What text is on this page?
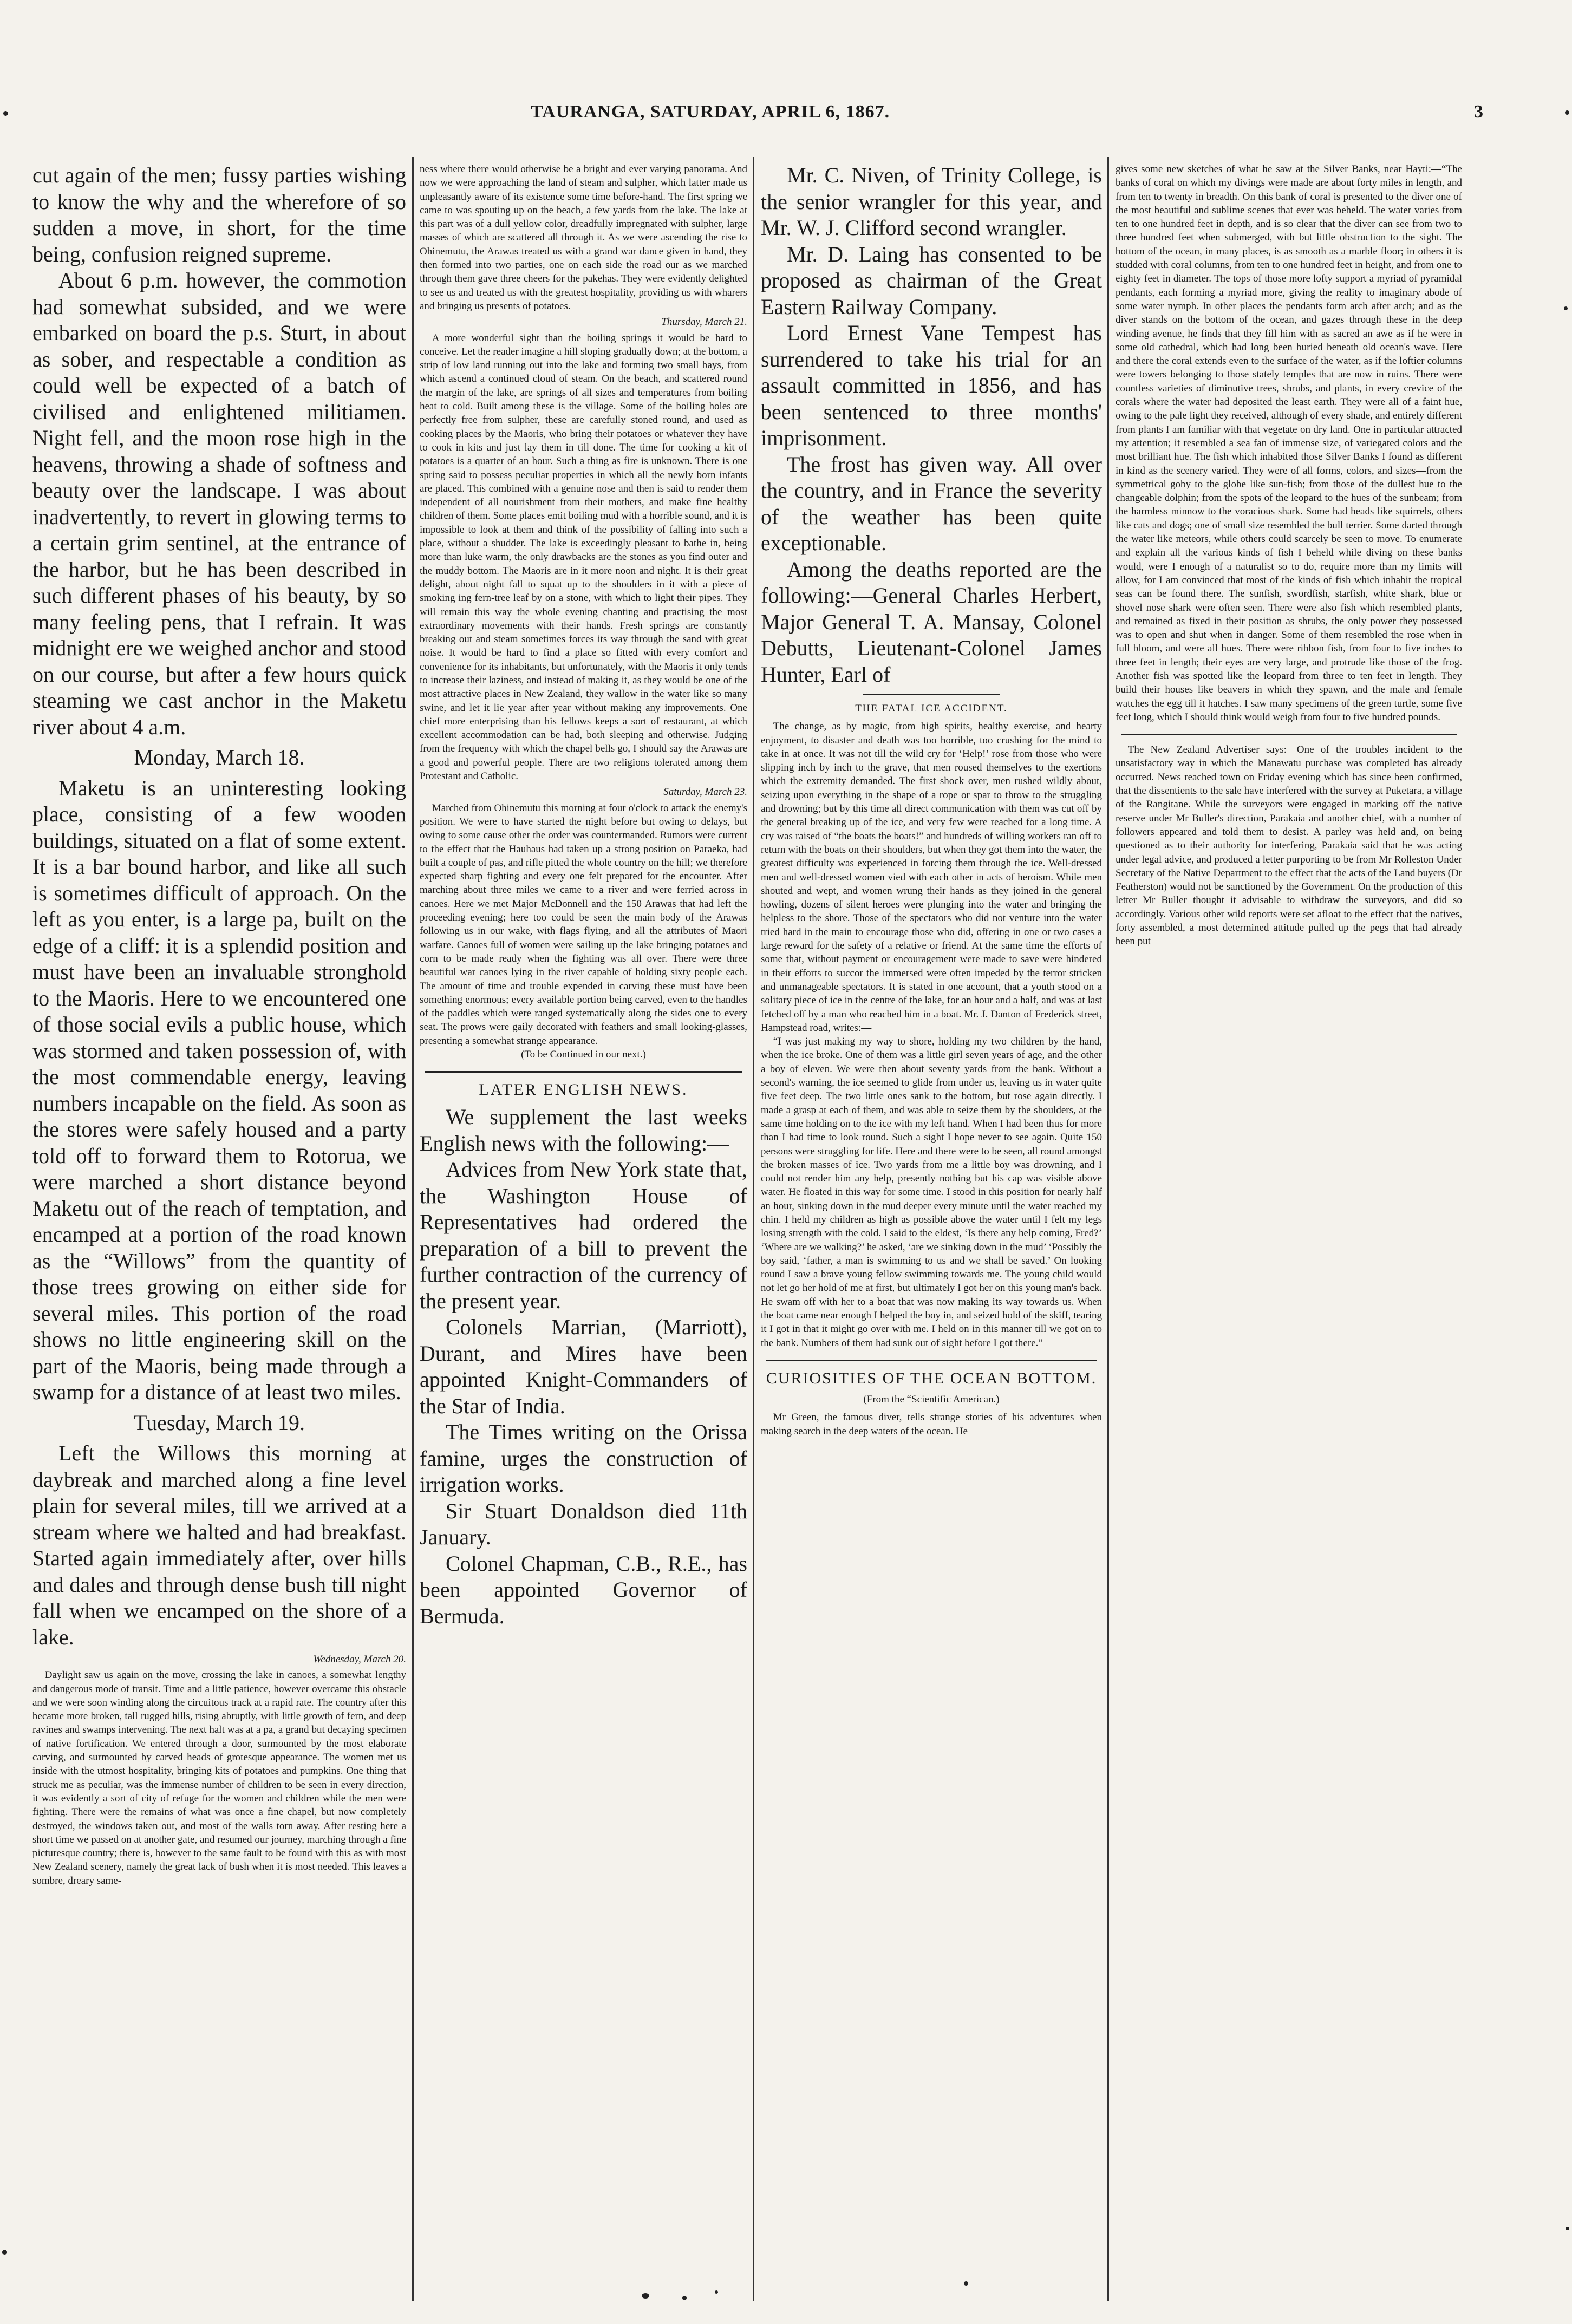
TAURANGA, SATURDAY, APRIL 6, 1867.	3

cut again of the men; fussy parties wishing to know the why and the wherefore of so sudden a move, in short, for the time being, confusion reigned supreme.

About 6 p.m. however, the commotion had somewhat subsided, and we were embarked on board the p.s. Sturt, in about as sober, and respectable a condition as could well be expected of a batch of civilised and enlightened militiamen. Night fell, and the moon rose high in the heavens, throwing a shade of softness and beauty over the landscape. I was about inadvertently, to revert in glowing terms to a certain grim sentinel, at the entrance of the harbor, but he has been described in such different phases of his beauty, by so many feeling pens, that I refrain. It was midnight ere we weighed anchor and stood on our course, but after a few hours quick steaming we cast anchor in the Maketu river about 4 a.m.

Monday, March 18.

Maketu is an uninteresting looking place, consisting of a few wooden buildings, situated on a flat of some extent. It is a bar bound harbor, and like all such is sometimes difficult of approach. On the left as you enter, is a large pa, built on the edge of a cliff: it is a splendid position and must have been an invaluable stronghold to the Maoris. Here to we encountered one of those social evils a public house, which was stormed and taken possession of, with the most commendable energy, leaving numbers incapable on the field. As soon as the stores were safely housed and a party told off to forward them to Rotorua, we were marched a short distance beyond Maketu out of the reach of temptation, and encamped at a portion of the road known as the “Willows” from the quantity of those trees growing on either side for several miles. This portion of the road shows no little engineering skill on the part of the Maoris, being made through a swamp for a distance of at least two miles.

Tuesday, March 19.

Left the Willows this morning at daybreak and marched along a fine level plain for several miles, till we arrived at a stream where we halted and had breakfast. Started again immediately after, over hills and dales and through dense bush till night fall when we encamped on the shore of a lake.

Wednesday, March 20.

Daylight saw us again on the move, crossing the lake in canoes, a somewhat lengthy and dangerous mode of transit. Time and a little patience, however overcame this obstacle and we were soon winding along the circuitous track at a rapid rate. The country after this became more broken, tall rugged hills, rising abruptly, with little growth of fern, and deep ravines and swamps intervening. The next halt was at a pa, a grand but decaying specimen of native fortification. We entered through a door, surmounted by the most elaborate carving, and surmounted by carved heads of grotesque appearance. The women met us inside with the utmost hospitality, bringing kits of potatoes and pumpkins. One thing that struck me as peculiar, was the immense number of children to be seen in every direction, it was evidently a sort of city of refuge for the women and children while the men were fighting. There were the remains of what was once a fine chapel, but now completely destroyed, the windows taken out, and most of the walls torn away. After resting here a short time we passed on at another gate, and resumed our journey, marching through a fine picturesque country; there is, however to the same fault to be found with this as with most New Zealand scenery, namely the great lack of bush when it is most needed. This leaves a sombre, dreary same-

ness where there would otherwise be a bright and ever varying panorama. And now we were approaching the land of steam and sulpher, which latter made us unpleasantly aware of its existence some time before-hand. The first spring we came to was spouting up on the beach, a few yards from the lake. The lake at this part was of a dull yellow color, dreadfully impregnated with sulpher, large masses of which are scattered all through it. As we were ascending the rise to Ohinemutu, the Arawas treated us with a grand war dance given in hand, they then formed into two parties, one on each side the road our as we marched through them gave three cheers for the pakehas. They were evidently delighted to see us and treated us with the greatest hospitality, providing us with wharers and bringing us presents of potatoes.

Thursday, March 21.

A more wonderful sight than the boiling springs it would be hard to conceive. Let the reader imagine a hill sloping gradually down; at the bottom, a strip of low land running out into the lake and forming two small bays, from which ascend a continued cloud of steam. On the beach, and scattered round the margin of the lake, are springs of all sizes and temperatures from boiling heat to cold. Built among these is the village. Some of the boiling holes are perfectly free from sulpher, these are carefully stoned round, and used as cooking places by the Maoris, who bring their potatoes or whatever they have to cook in kits and just lay them in till done. The time for cooking a kit of potatoes is a quarter of an hour. Such a thing as fire is unknown. There is one spring said to possess peculiar properties in which all the newly born infants are placed. This combined with a genuine nose and then is said to render them independent of all nourishment from their mothers, and make fine healthy children of them. Some places emit boiling mud with a horrible sound, and it is impossible to look at them and think of the possibility of falling into such a place, without a shudder. The lake is exceedingly pleasant to bathe in, being more than luke warm, the only drawbacks are the stones as you find outer and the muddy bottom. The Maoris are in it more noon and night. It is their great delight, about night fall to squat up to the shoulders in it with a piece of smoking ing fern-tree leaf by on a stone, with which to light their pipes. They will remain this way the whole evening chanting and practising the most extraordinary movements with their hands. Fresh springs are constantly breaking out and steam sometimes forces its way through the sand with great noise. It would be hard to find a place so fitted with every comfort and convenience for its inhabitants, but unfortunately, with the Maoris it only tends to increase their laziness, and instead of making it, as they would be one of the most attractive places in New Zealand, they wallow in the water like so many swine, and let it lie year after year without making any improvements. One chief more enterprising than his fellows keeps a sort of restaurant, at which excellent accommodation can be had, both sleeping and otherwise. Judging from the frequency with which the chapel bells go, I should say the Arawas are a good and powerful people. There are two religions tolerated among them Protestant and Catholic.

Saturday, March 23.

Marched from Ohinemutu this morning at four o'clock to attack the enemy's position. We were to have started the night before but owing to delays, but owing to some cause other the order was countermanded. Rumors were current to the effect that the Hauhaus had taken up a strong position on Paraeka, had built a couple of pas, and rifle pitted the whole country on the hill; we therefore expected sharp fighting and every one felt prepared for the encounter. After marching about three miles we came to a river and were ferried across in canoes. Here we met Major McDonnell and the 150 Arawas that had left the proceeding evening; here too could be seen the main body of the Arawas following us in our wake, with flags flying, and all the attributes of Maori warfare. Canoes full of women were sailing up the lake bringing potatoes and corn to be made ready when the fighting was all over. There were three beautiful war canoes lying in the river capable of holding sixty people each. The amount of time and trouble expended in carving these must have been something enormous; every available portion being carved, even to the handles of the paddles which were ranged systematically along the sides one to every seat. The prows were gaily decorated with feathers and small looking-glasses, presenting a somewhat strange appearance.

(To be Continued in our next.)

LATER ENGLISH NEWS.

We supplement the last weeks English news with the following:—

Advices from New York state that, the Washington House of Representatives had ordered the preparation of a bill to prevent the further contraction of the currency of the present year.

Colonels Marrian, (Marriott), Durant, and Mires have been appointed Knight-Commanders of the Star of India.

The Times writing on the Orissa famine, urges the construction of irrigation works.

Sir Stuart Donaldson died 11th January.

Colonel Chapman, C.B., R.E., has been appointed Governor of Bermuda.

Mr. C. Niven, of Trinity College, is the senior wrangler for this year, and Mr. W. J. Clifford second wrangler.

Mr. D. Laing has consented to be proposed as chairman of the Great Eastern Railway Company.

Lord Ernest Vane Tempest has surrendered to take his trial for an assault committed in 1856, and has been sentenced to three months' imprisonment.

The frost has given way. All over the country, and in France the severity of the weather has been quite exceptionable.

Among the deaths reported are the following:—General Charles Herbert, Major General T. A. Mansay, Colonel Debutts, Lieutenant-Colonel James Hunter, Earl of

THE FATAL ICE ACCIDENT.

The change, as by magic, from high spirits, healthy exercise, and hearty enjoyment, to disaster and death was too horrible, too crushing for the mind to take in at once. It was not till the wild cry for ‘Help!’ rose from those who were slipping inch by inch to the grave, that men roused themselves to the exertions which the extremity demanded. The first shock over, men rushed wildly about, seizing upon everything in the shape of a rope or spar to throw to the struggling and drowning; but by this time all direct communication with them was cut off by the general breaking up of the ice, and very few were reached for a long time. A cry was raised of “the boats the boats!” and hundreds of willing workers ran off to return with the boats on their shoulders, but when they got them into the water, the greatest difficulty was experienced in forcing them through the ice. Well-dressed men and well-dressed women vied with each other in acts of heroism. While men shouted and wept, and women wrung their hands as they joined in the general howling, dozens of silent heroes were plunging into the water and bringing the helpless to the shore. Those of the spectators who did not venture into the water tried hard in the main to encourage those who did, offering in one or two cases a large reward for the safety of a relative or friend. At the same time the efforts of some that, without payment or encouragement were made to save were hindered in their efforts to succor the immersed were often impeded by the terror stricken and unmanageable spectators. It is stated in one account, that a youth stood on a solitary piece of ice in the centre of the lake, for an hour and a half, and was at last fetched off by a man who reached him in a boat. Mr. J. Danton of Frederick street, Hampstead road, writes:—

“I was just making my way to shore, holding my two children by the hand, when the ice broke. One of them was a little girl seven years of age, and the other a boy of eleven. We were then about seventy yards from the bank. Without a second's warning, the ice seemed to glide from under us, leaving us in water quite five feet deep. The two little ones sank to the bottom, but rose again directly. I made a grasp at each of them, and was able to seize them by the shoulders, at the same time holding on to the ice with my left hand. When I had been thus for more than I had time to look round. Such a sight I hope never to see again. Quite 150 persons were struggling for life. Here and there were to be seen, all round amongst the broken masses of ice. Two yards from me a little boy was drowning, and I could not render him any help, presently nothing but his cap was visible above water. He floated in this way for some time. I stood in this position for nearly half an hour, sinking down in the mud deeper every minute until the water reached my chin. I held my children as high as possible above the water until I felt my legs losing strength with the cold. I said to the eldest, ‘Is there any help coming, Fred?’ ‘Where are we walking?’ he asked, ‘are we sinking down in the mud’ ‘Possibly the boy said, ‘father, a man is swimming to us and we shall be saved.’ On looking round I saw a brave young fellow swimming towards me. The young child would not let go her hold of me at first, but ultimately I got her on this young man's back. He swam off with her to a boat that was now making its way towards us. When the boat came near enough I helped the boy in, and seized hold of the skiff, tearing it I got in that it might go over with me. I held on in this manner till we got on to the bank. Numbers of them had sunk out of sight before I got there.”

CURIOSITIES OF THE OCEAN BOTTOM.

(From the “Scientific American.)

Mr Green, the famous diver, tells strange stories of his adventures when making search in the deep waters of the ocean. He

gives some new sketches of what he saw at the Silver Banks, near Hayti:—“The banks of coral on which my divings were made are about forty miles in length, and from ten to twenty in breadth. On this bank of coral is presented to the diver one of the most beautiful and sublime scenes that ever was beheld. The water varies from ten to one hundred feet in depth, and is so clear that the diver can see from two to three hundred feet when submerged, with but little obstruction to the sight. The bottom of the ocean, in many places, is as smooth as a marble floor; in others it is studded with coral columns, from ten to one hundred feet in height, and from one to eighty feet in diameter. The tops of those more lofty support a myriad of pyramidal pendants, each forming a myriad more, giving the reality to imaginary abode of some water nymph. In other places the pendants form arch after arch; and as the diver stands on the bottom of the ocean, and gazes through these in the deep winding avenue, he finds that they fill him with as sacred an awe as if he were in some old cathedral, which had long been buried beneath old ocean's wave. Here and there the coral extends even to the surface of the water, as if the loftier columns were towers belonging to those stately temples that are now in ruins. There were countless varieties of diminutive trees, shrubs, and plants, in every crevice of the corals where the water had deposited the least earth. They were all of a faint hue, owing to the pale light they received, although of every shade, and entirely different from plants I am familiar with that vegetate on dry land. One in particular attracted my attention; it resembled a sea fan of immense size, of variegated colors and the most brilliant hue. The fish which inhabited those Silver Banks I found as different in kind as the scenery varied. They were of all forms, colors, and sizes—from the symmetrical goby to the globe like sun-fish; from those of the dullest hue to the changeable dolphin; from the spots of the leopard to the hues of the sunbeam; from the harmless minnow to the voracious shark. Some had heads like squirrels, others like cats and dogs; one of small size resembled the bull terrier. Some darted through the water like meteors, while others could scarcely be seen to move. To enumerate and explain all the various kinds of fish I beheld while diving on these banks would, were I enough of a naturalist so to do, require more than my limits will allow, for I am convinced that most of the kinds of fish which inhabit the tropical seas can be found there. The sunfish, swordfish, starfish, white shark, blue or shovel nose shark were often seen. There were also fish which resembled plants, and remained as fixed in their position as shrubs, the only power they possessed was to open and shut when in danger. Some of them resembled the rose when in full bloom, and were all hues. There were ribbon fish, from four to five inches to three feet in length; their eyes are very large, and protrude like those of the frog. Another fish was spotted like the leopard from three to ten feet in length. They build their houses like beavers in which they spawn, and the male and female watches the egg till it hatches. I saw many specimens of the green turtle, some five feet long, which I should think would weigh from four to five hundred pounds.

The New Zealand Advertiser says:—One of the troubles incident to the unsatisfactory way in which the Manawatu purchase was completed has already occurred. News reached town on Friday evening which has since been confirmed, that the dissentients to the sale have interfered with the survey at Puketara, a village of the Rangitane. While the surveyors were engaged in marking off the native reserve under Mr Buller's direction, Parakaia and another chief, with a number of followers appeared and told them to desist. A parley was held and, on being questioned as to their authority for interfering, Parakaia said that he was acting under legal advice, and produced a letter purporting to be from Mr Rolleston Under Secretary of the Native Department to the effect that the acts of the Land buyers (Dr Featherston) would not be sanctioned by the Government. On the production of this letter Mr Buller thought it advisable to withdraw the surveyors, and did so accordingly. Various other wild reports were set afloat to the effect that the natives, forty assembled, a most determined attitude pulled up the pegs that had already been put
